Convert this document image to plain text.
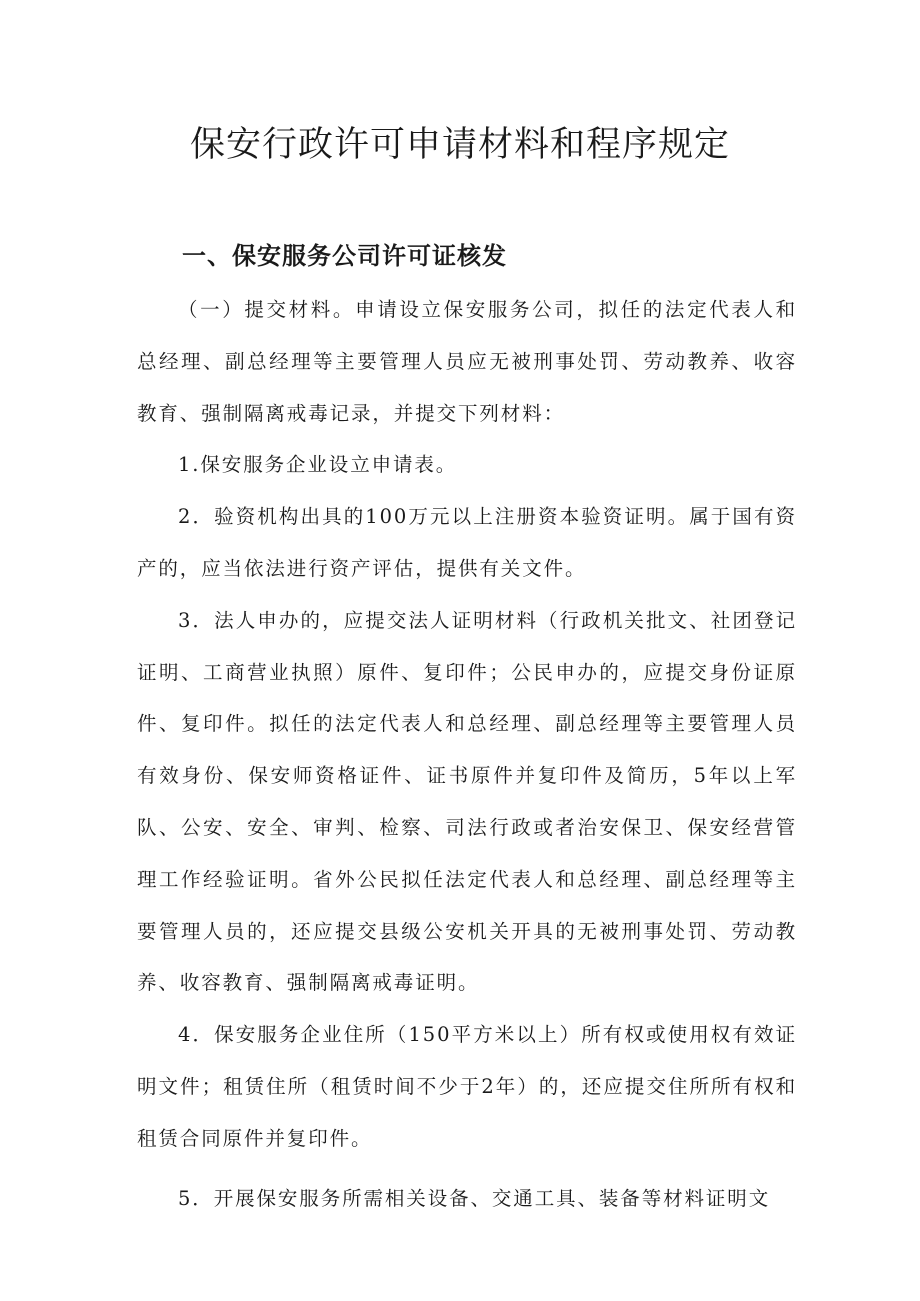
保安行政许可申请材料和程序规定
一、保安服务公司许可证核发

（一）提交材料。申请设立保安服务公司，拟任的法定代表人和总经理、副总经理等主要管理人员应无被刑事处罚、劳动教养、收容教育、强制隔离戒毒记录，并提交下列材料：

1.保安服务企业设立申请表。

2．验资机构出具的100万元以上注册资本验资证明。属于国有资产的，应当依法进行资产评估，提供有关文件。

3．法人申办的，应提交法人证明材料（行政机关批文、社团登记证明、工商营业执照）原件、复印件；公民申办的，应提交身份证原件、复印件。拟任的法定代表人和总经理、副总经理等主要管理人员有效身份、保安师资格证件、证书原件并复印件及简历，5年以上军队、公安、安全、审判、检察、司法行政或者治安保卫、保安经营管理工作经验证明。省外公民拟任法定代表人和总经理、副总经理等主要管理人员的，还应提交县级公安机关开具的无被刑事处罚、劳动教养、收容教育、强制隔离戒毒证明。

4．保安服务企业住所（150平方米以上）所有权或使用权有效证明文件；租赁住所（租赁时间不少于2年）的，还应提交住所所有权和租赁合同原件并复印件。

5．开展保安服务所需相关设备、交通工具、装备等材料证明文
